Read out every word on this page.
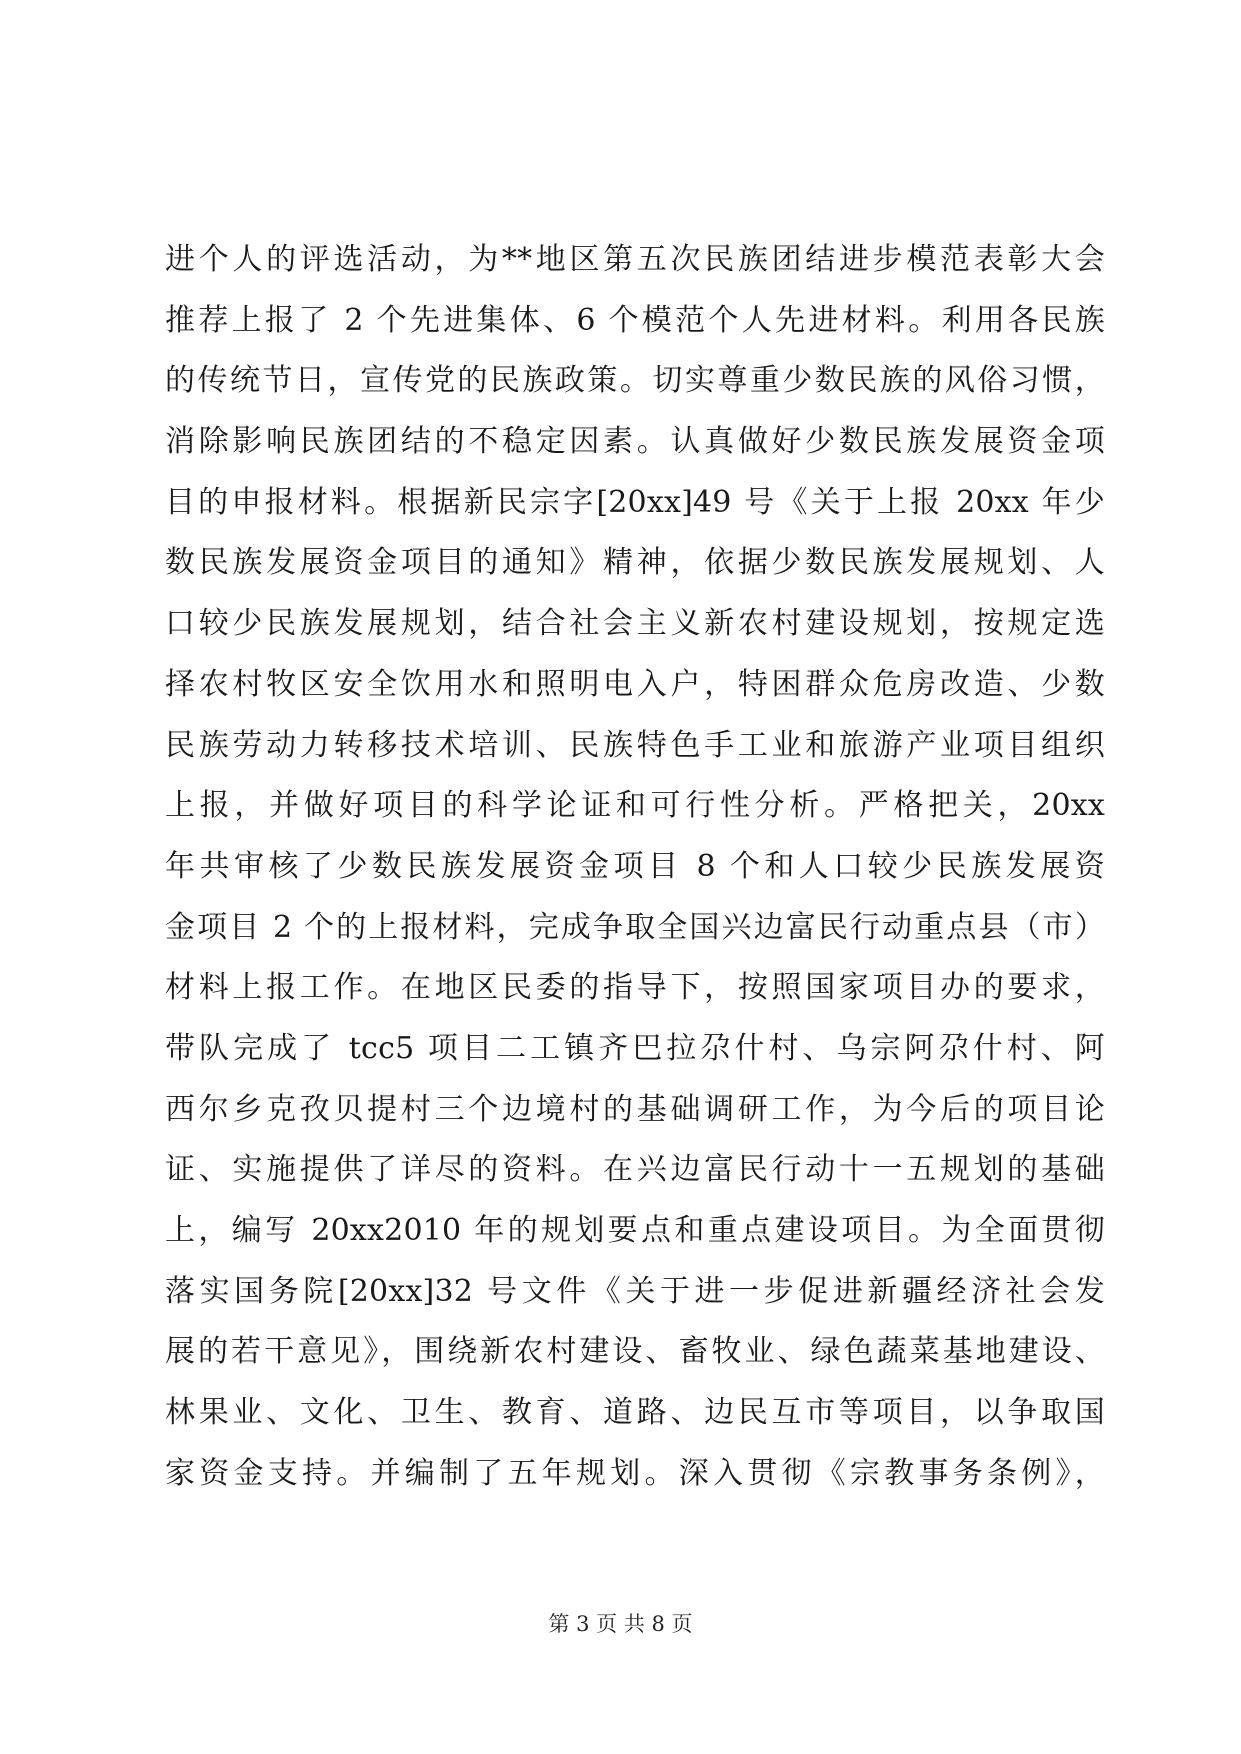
进个人的评选活动，为**地区第五次民族团结进步模范表彰大会
推荐上报了 2 个先进集体、6 个模范个人先进材料。利用各民族
的传统节日，宣传党的民族政策。切实尊重少数民族的风俗习惯，
消除影响民族团结的不稳定因素。认真做好少数民族发展资金项
目的申报材料。根据新民宗字[20xx]49 号《关于上报 20xx 年少
数民族发展资金项目的通知》精神，依据少数民族发展规划、人
口较少民族发展规划，结合社会主义新农村建设规划，按规定选
择农村牧区安全饮用水和照明电入户，特困群众危房改造、少数
民族劳动力转移技术培训、民族特色手工业和旅游产业项目组织
上报，并做好项目的科学论证和可行性分析。严格把关，20xx
年共审核了少数民族发展资金项目 8 个和人口较少民族发展资
金项目 2 个的上报材料，完成争取全国兴边富民行动重点县（市）
材料上报工作。在地区民委的指导下，按照国家项目办的要求，
带队完成了 tcc5 项目二工镇齐巴拉尕什村、乌宗阿尕什村、阿
西尔乡克孜贝提村三个边境村的基础调研工作，为今后的项目论
证、实施提供了详尽的资料。在兴边富民行动十一五规划的基础
上，编写 20xx2010 年的规划要点和重点建设项目。为全面贯彻
落实国务院[20xx]32 号文件《关于进一步促进新疆经济社会发
展的若干意见》，围绕新农村建设、畜牧业、绿色蔬菜基地建设、
林果业、文化、卫生、教育、道路、边民互市等项目，以争取国
家资金支持。并编制了五年规划。深入贯彻《宗教事务条例》，
第 3 页 共 8 页
